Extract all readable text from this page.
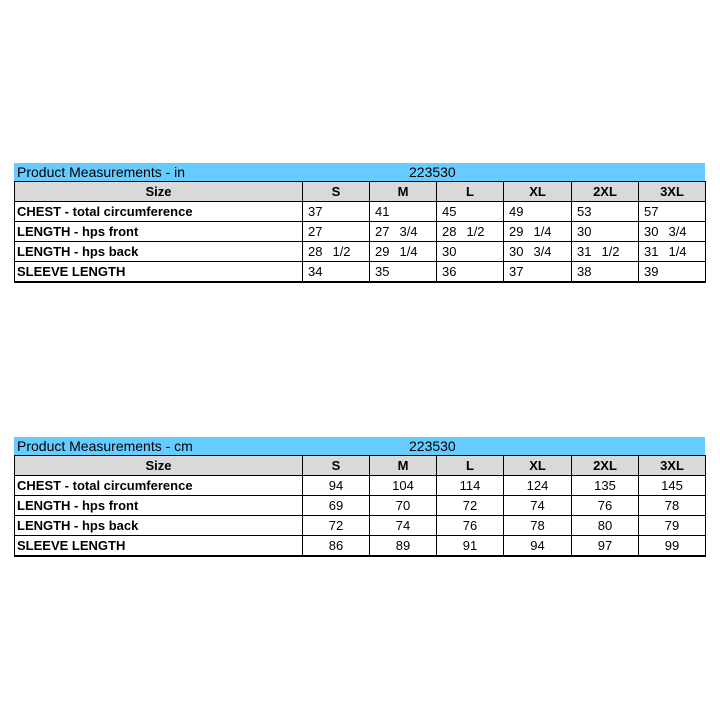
Product Measurements - in	223530
Size	S	M	L	XL	2XL	3XL
CHEST - total circumference	37	41	45	49	53	57
LENGTH - hps front	27	27 3/4	28 1/2	29 1/4	30	30 3/4
LENGTH - hps back	28 1/2	29 1/4	30	30 3/4	31 1/2	31 1/4
SLEEVE LENGTH	34	35	36	37	38	39
Product Measurements - cm	223530
Size	S	M	L	XL	2XL	3XL
CHEST - total circumference	94	104	114	124	135	145
LENGTH - hps front	69	70	72	74	76	78
LENGTH - hps back	72	74	76	78	80	79
SLEEVE LENGTH	86	89	91	94	97	99
